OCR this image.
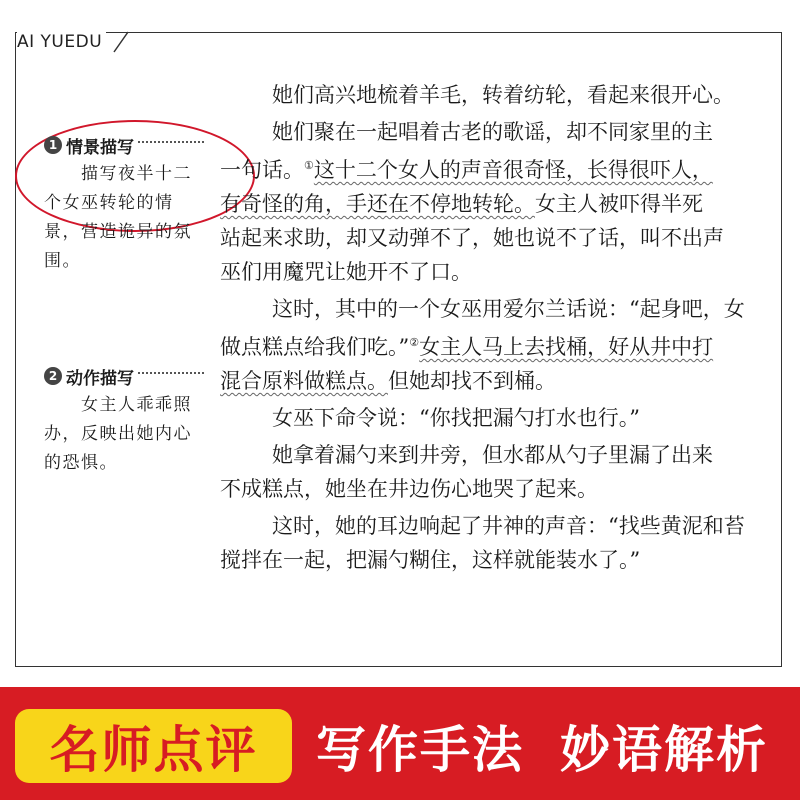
AI YUEDU
1 情景描写
　　描写夜半十二个女巫转轮的情景，营造诡异的氛围。
2 动作描写
　　女主人乖乖照办，反映出她内心的恐惧。

她们高兴地梳着羊毛，转着纺轮，看起来很开心。

她们聚在一起唱着古老的歌谣，却不同家里的主

一句话。①这十二个女人的声音很奇怪，长得很吓人，

有奇怪的角，手还在不停地转轮。女主人被吓得半死

站起来求助，却又动弹不了，她也说不了话，叫不出声

巫们用魔咒让她开不了口。

这时，其中的一个女巫用爱尔兰话说：“起身吧，女

做点糕点给我们吃。”②女主人马上去找桶，好从井中打

混合原料做糕点。但她却找不到桶。

女巫下命令说：“你找把漏勺打水也行。”

她拿着漏勺来到井旁，但水都从勺子里漏了出来

不成糕点，她坐在井边伤心地哭了起来。

这时，她的耳边响起了井神的声音：“找些黄泥和苔

搅拌在一起，把漏勺糊住，这样就能装水了。”

名师点评 写作手法 妙语解析
